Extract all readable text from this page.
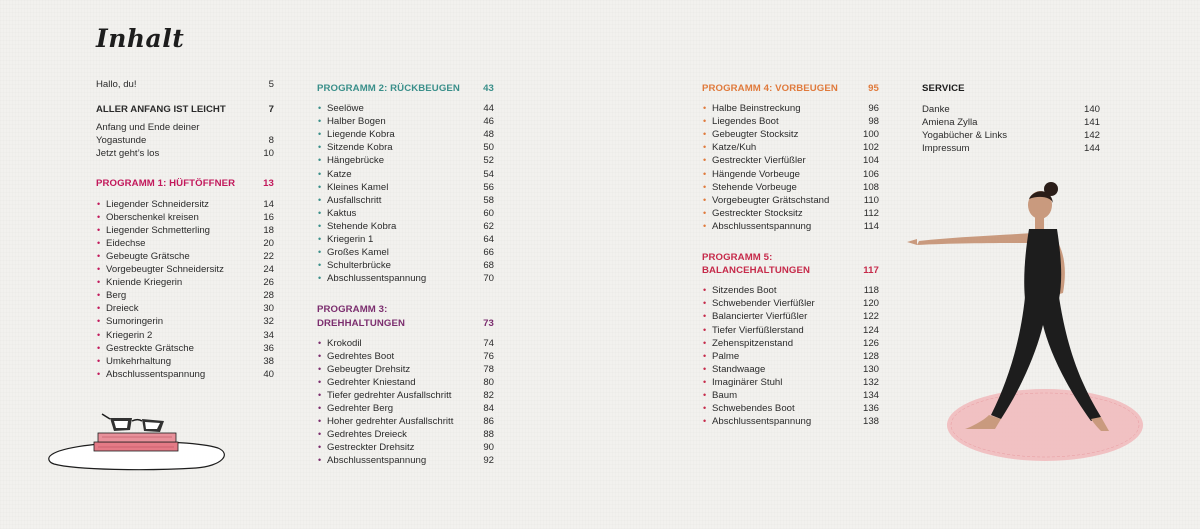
Inhalt
Hallo, du!	5
ALLER ANFANG IST LEICHT	7
Anfang und Ende deiner
Yogastunde	8
Jetzt geht’s los	10
PROGRAMM 1: HÜFTÖFFNER	13
• Liegender Schneidersitz	14
• Oberschenkel kreisen	16
• Liegender Schmetterling	18
• Eidechse	20
• Gebeugte Grätsche	22
• Vorgebeugter Schneidersitz	24
• Kniende Kriegerin	26
• Berg	28
• Dreieck	30
• Sumoringerin	32
• Kriegerin 2	34
• Gestreckte Grätsche	36
• Umkehrhaltung	38
• Abschlussentspannung	40
PROGRAMM 2: RÜCKBEUGEN 43
• Seelöwe	44
• Halber Bogen	46
• Liegende Kobra	48
• Sitzende Kobra	50
• Hängebrücke	52
• Katze	54
• Kleines Kamel	56
• Ausfallschritt	58
• Kaktus	60
• Stehende Kobra	62
• Kriegerin 1	64
• Großes Kamel	66
• Schulterbrücke	68
• Abschlussentspannung	70
PROGRAMM 3:
DREHHALTUNGEN	73
• Krokodil	74
• Gedrehtes Boot	76
• Gebeugter Drehsitz	78
• Gedrehter Kniestand	80
• Tiefer gedrehter Ausfallschritt	82
• Gedrehter Berg	84
• Hoher gedrehter Ausfallschritt	86
• Gedrehtes Dreieck	88
• Gestreckter Drehsitz	90
• Abschlussentspannung	92
PROGRAMM 4: VORBEUGEN	95
• Halbe Beinstreckung	96
• Liegendes Boot	98
• Gebeugter Stocksitz	100
• Katze/Kuh	102
• Gestreckter Vierfüßler	104
• Hängende Vorbeuge	106
• Stehende Vorbeuge	108
• Vorgebeugter Grätschstand	110
• Gestreckter Stocksitz	112
• Abschlussentspannung	114
PROGRAMM 5:
BALANCEHALTUNGEN	117
• Sitzendes Boot	118
• Schwebender Vierfüßler	120
• Balancierter Vierfüßler	122
• Tiefer Vierfüßlerstand	124
• Zehenspitzenstand	126
• Palme	128
• Standwaage	130
• Imaginärer Stuhl	132
• Baum	134
• Schwebendes Boot	136
• Abschlussentspannung	138
SERVICE
Danke	140
Amiena Zylla	141
Yogabücher & Links	142
Impressum	144
